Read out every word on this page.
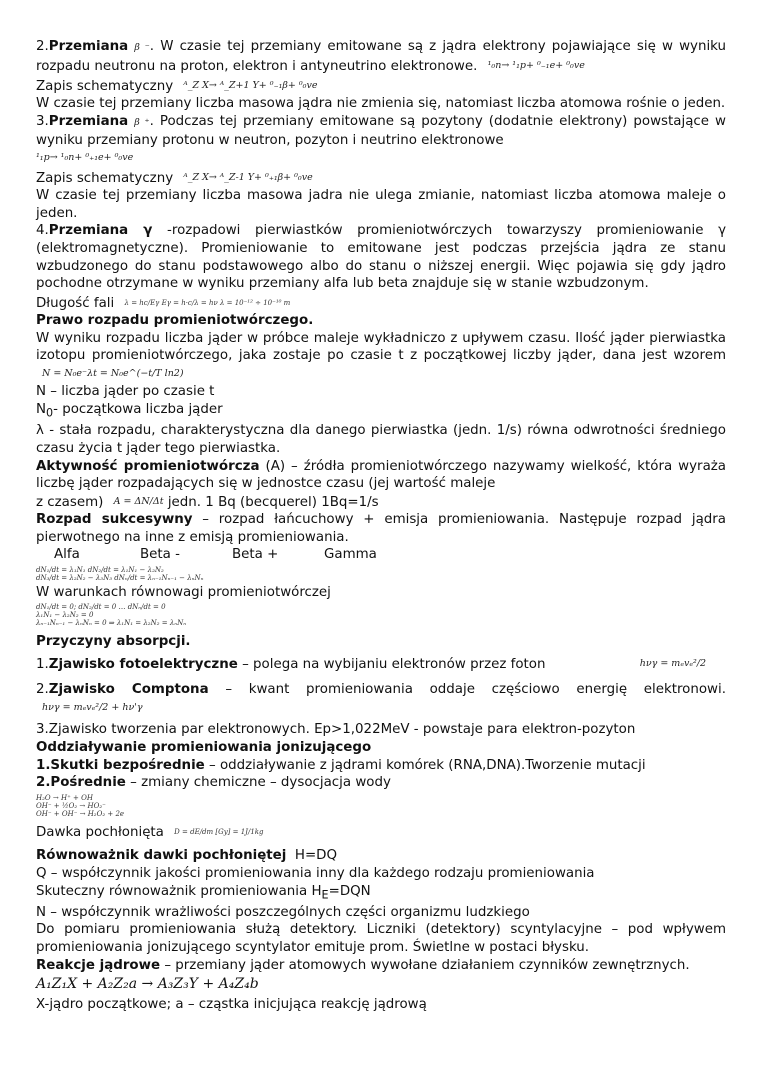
2.Przemiana β ⁻. W czasie tej przemiany emitowane są z jądra elektrony pojawiające się w wyniku rozpadu neutronu na proton, elektron i antyneutrino elektronowe. ¹₀n→ ¹₁p+ ⁰₋₁e+ ⁰₀ve

Zapis schematyczny ᴬ_Z X→ ᴬ_Z+1 Y+ ⁰₋₁β+ ⁰₀ve

W czasie tej przemiany liczba masowa jądra nie zmienia się, natomiast liczba atomowa rośnie o jeden.

3.Przemiana β ⁺. Podczas tej przemiany emitowane są pozytony (dodatnie elektrony) powstające w wyniku przemiany protonu w neutron, pozyton i neutrino elektronowe

¹₁p→ ¹₀n+ ⁰₊₁e+ ⁰₀ve

Zapis schematyczny ᴬ_Z X→ ᴬ_Z-1 Y+ ⁰₊₁β+ ⁰₀ve

W czasie tej przemiany liczba masowa jadra nie ulega zmianie, natomiast liczba atomowa maleje o jeden.

4.Przemiana γ -rozpadowi pierwiastków promieniotwórczych towarzyszy promieniowanie γ (elektromagnetyczne). Promieniowanie to emitowane jest podczas przejścia jądra ze stanu wzbudzonego do stanu podstawowego albo do stanu o niższej energii. Więc pojawia się gdy jądro pochodne otrzymane w wyniku przemiany alfa lub beta znajduje się w stanie wzbudzonym.

Długość fali λ = hc/Eγ Eγ = h·c/λ = hν λ = 10⁻¹² ÷ 10⁻¹⁰ m

Prawo rozpadu promieniotwórczego.

W wyniku rozpadu liczba jąder w próbce maleje wykładniczo z upływem czasu. Ilość jąder pierwiastka izotopu promieniotwórczego, jaka zostaje po czasie t z początkowej liczby jąder, dana jest wzorem N = N₀e⁻λt = N₀e^(−t/T ln2)

N – liczba jąder po czasie t

$N_0-$ początkowa liczba jąder

λ - stała rozpadu, charakterystyczna dla danego pierwiastka (jedn. 1/s) równa odwrotności średniego czasu życia t jąder tego pierwiastka.

Aktywność promieniotwórcza (A) – źródła promieniotwórczego nazywamy wielkość, która wyraża liczbę jąder rozpadających się w jednostce czasu (jej wartość maleje

z czasem) A = ΔN/Δt jedn. 1 Bq (becquerel) 1Bq=1/s

Rozpad sukcesywny – rozpad łańcuchowy + emisja promieniowania. Następuje rozpad jądra pierwotnego na inne z emisją promieniowania.

Alfa	Beta -	Beta +	Gamma

dN₁/dt = λ₁N₁ dN₂/dt = λ₁N₁ − λ₂N₂
dN₃/dt = λ₂N₂ − λ₃N₃ dNₙ/dt = λₙ₋₁Nₙ₋₁ − λₙNₙ

W warunkach równowagi promieniotwórczej

dN₁/dt = 0; dN₂/dt = 0 … dNₙ/dt = 0
λ₁N₁ − λ₂N₂ = 0
λₙ₋₁Nₙ₋₁ − λₙNₙ = 0 ⇒ λ₁N₁ = λ₂N₂ = λₙNₙ

Przyczyny absorpcji.

1.Zjawisko fotoelektryczne – polega na wybijaniu elektronów przez foton	hνγ = mₑvₑ²/2

2.Zjawisko Comptona – kwant promieniowania oddaje częściowo energię elektronowi. hνγ = mₑvₑ²/2 + hν'γ

3.Zjawisko tworzenia par elektronowych. Ep>1,022MeV - powstaje para elektron-pozyton

Oddziaływanie promieniowania jonizującego

1.Skutki bezpośrednie – oddziaływanie z jądrami komórek (RNA,DNA).Tworzenie mutacji

2.Pośrednie – zmiany chemiczne – dysocjacja wody

H₂O → H⁺ + OH
OH⁻ + ½O₂ → HO₂⁻
OH⁻ + OH⁻ → H₂O₂ + 2e

Dawka pochłonięta D = dE/dm [Gy] = 1J/1kg

Równoważnik dawki pochłoniętej H=DQ

Q – współczynnik jakości promieniowania inny dla każdego rodzaju promieniowania

Skuteczny równoważnik promieniowania $H_E=DQN$

N – współczynnik wrażliwości poszczególnych części organizmu ludzkiego

Do pomiaru promieniowania służą detektory. Liczniki (detektory) scyntylacyjne – pod wpływem promieniowania jonizującego scyntylator emituje prom. Świetlne w postaci błysku.

Reakcje jądrowe – przemiany jąder atomowych wywołane działaniem czynników zewnętrznych.

A₁Z₁X + A₂Z₂a → A₃Z₃Y + A₄Z₄b

X-jądro początkowe; a – cząstka inicjująca reakcję jądrową
